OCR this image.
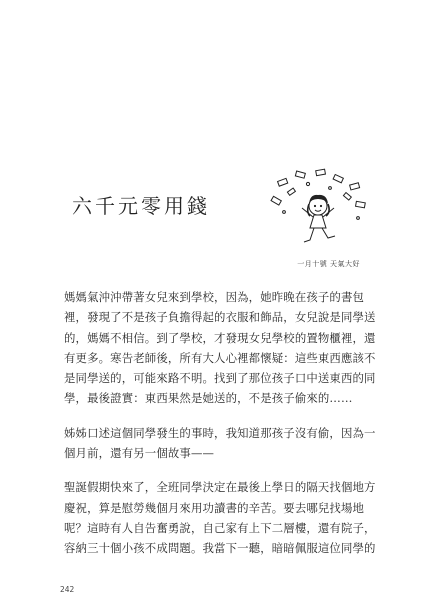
六千元零用錢
一月十號 天氣大好

媽媽氣沖沖帶著女兒來到學校，因為，她昨晚在孩子的書包
裡，發現了不是孩子負擔得起的衣服和飾品，女兒說是同學送
的，媽媽不相信。到了學校，才發現女兒學校的置物櫃裡，還
有更多。寒告老師後，所有大人心裡都懷疑：這些東西應該不
是同學送的，可能來路不明。找到了那位孩子口中送東西的同
學，最後證實：東西果然是她送的，不是孩子偷來的……

姊姊口述這個同學發生的事時，我知道那孩子沒有偷，因為一
個月前，還有另一個故事——

聖誕假期快來了，全班同學決定在最後上學日的隔天找個地方
慶祝，算是慰勞幾個月來用功讀書的辛苦。要去哪兒找場地
呢？這時有人自告奮勇說，自己家有上下二層樓，還有院子，
容納三十個小孩不成問題。我當下一聽，暗暗佩服這位同學的

242
